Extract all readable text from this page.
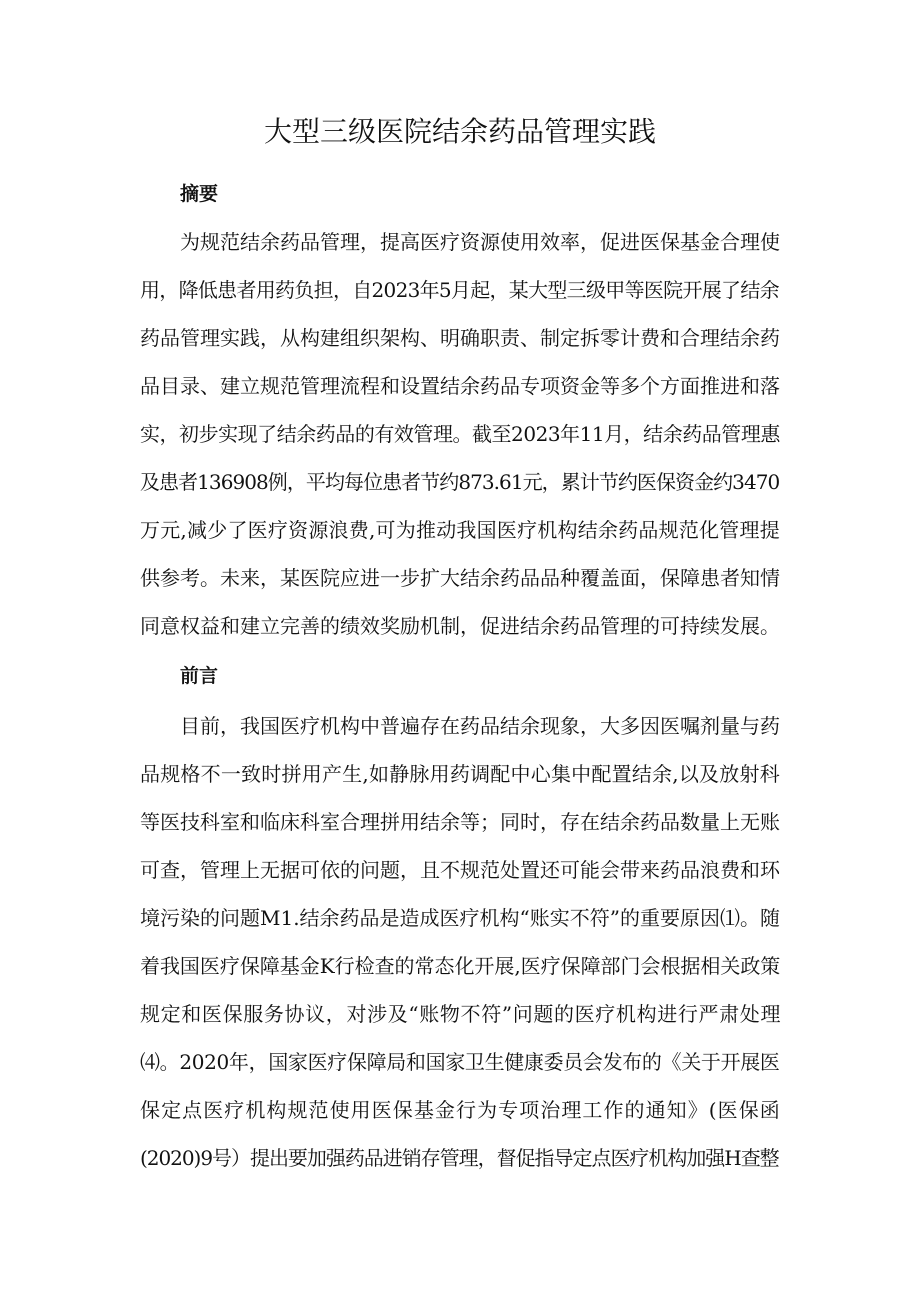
大型三级医院结余药品管理实践
摘要

为规范结余药品管理，提高医疗资源使用效率，促进医保基金合理使

用，降低患者用药负担，自2023年5月起，某大型三级甲等医院开展了结余

药品管理实践，从构建组织架构、明确职责、制定拆零计费和合理结余药

品目录、建立规范管理流程和设置结余药品专项资金等多个方面推进和落

实，初步实现了结余药品的有效管理。截至2023年11月，结余药品管理惠

及患者136908例，平均每位患者节约873.61元，累计节约医保资金约3470

万元,减少了医疗资源浪费,可为推动我国医疗机构结余药品规范化管理提

供参考。未来，某医院应进一步扩大结余药品品种覆盖面，保障患者知情

同意权益和建立完善的绩效奖励机制，促进结余药品管理的可持续发展。

前言

目前，我国医疗机构中普遍存在药品结余现象，大多因医嘱剂量与药

品规格不一致时拼用产生,如静脉用药调配中心集中配置结余,以及放射科

等医技科室和临床科室合理拼用结余等；同时，存在结余药品数量上无账

可查，管理上无据可依的问题，且不规范处置还可能会带来药品浪费和环

境污染的问题M1.结余药品是造成医疗机构“账实不符”的重要原因⑴。随

着我国医疗保障基金K行检查的常态化开展,医疗保障部门会根据相关政策

规定和医保服务协议，对涉及“账物不符”问题的医疗机构进行严肃处理

⑷。2020年，国家医疗保障局和国家卫生健康委员会发布的《关于开展医

保定点医疗机构规范使用医保基金行为专项治理工作的通知》(医保函

(2020)9号）提出要加强药品进销存管理，督促指导定点医疗机构加强H查整
